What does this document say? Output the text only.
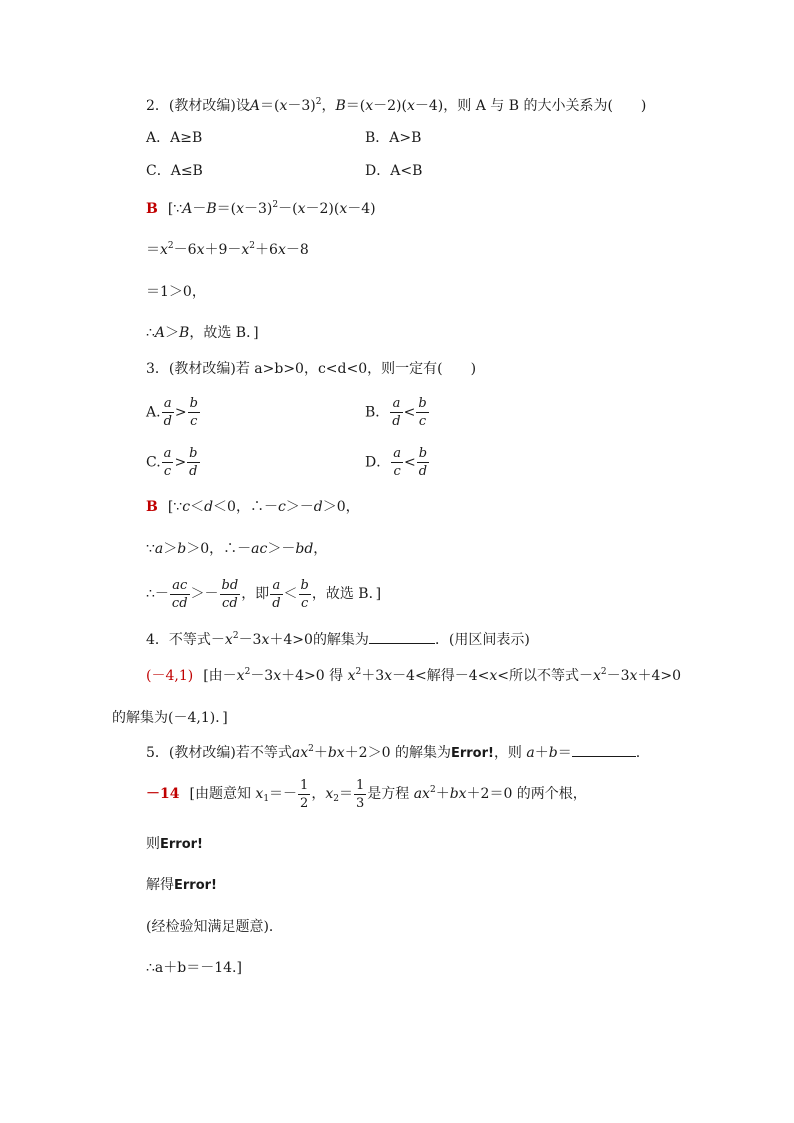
2．(教材改编)设$A=(x-3)^2$，B＝(x－2)(x－4)，则 A 与 B 的大小关系为(　　)
A．A≥B	B．A>B
C．A≤B	D．A<B
B [$\because A-B=(x-3)^2-(x-2)(x-4)$
$=x^2-6x+9-x^2+6x-8$
＝1＞0，
∴A＞B，故选 B．]
3．(教材改编)若 a>b>0，c<d<0，则一定有(　　)
A. $\frac{a}{d} > \frac{b}{c}$	B． $\frac{a}{d} < \frac{b}{c}$
C. $\frac{a}{c} > \frac{b}{d}$	D． $\frac{a}{c} < \frac{b}{d}$
B [∵c＜d＜0，∴－c＞－d＞0，
∵a＞b＞0，∴－ac＞－bd，
∴－ $\frac{ac}{cd} >- \frac{bd}{cd}$ ，即 $\frac{a}{d} < \frac{b}{c}$ ，故选 B．]
4．不等式$-x^2-3x+4>0$的解集为	．(用区间表示)
(－4,1) [由$-x^2-3x+4>0$ 得 $x^2+3x-4<$解得－4<x<所以不等式$-x^2-3x+4>0$
的解集为(－4,1)．]
5．(教材改编)若不等式$ax^2+bx+2>0$ 的解集为Error!，则 a＋b＝	.
－14 [由题意知 $x_1=- \frac{1}{2}$ ，$x_2= \frac{1}{3}$ 是方程 $ax^2+bx+2=0$ 的两个根，
则Error!
解得Error!
(经检验知满足题意)．
∴a＋b＝－14.]
